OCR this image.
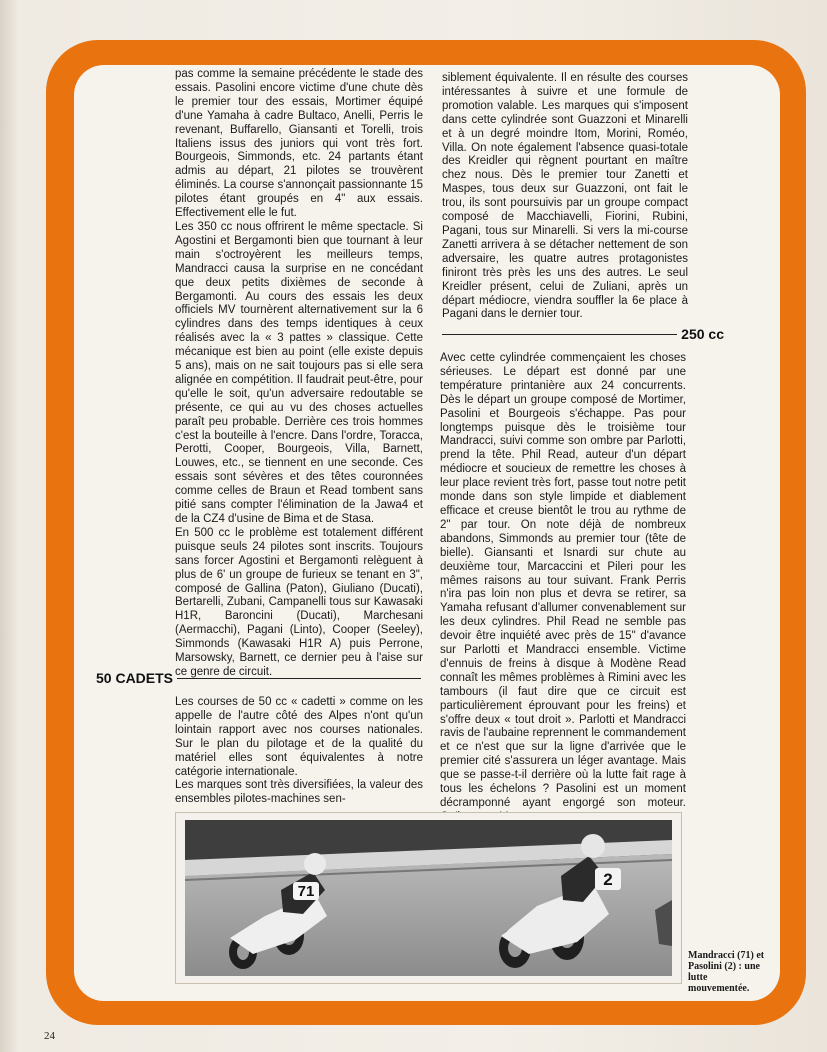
pas comme la semaine précédente le stade des essais. Pasolini encore victime d'une chute dès le premier tour des essais, Mortimer équipé d'une Yamaha à cadre Bultaco, Anelli, Perris le revenant, Buffarello, Giansanti et Torelli, trois Italiens issus des juniors qui vont très fort. Bourgeois, Simmonds, etc. 24 partants étant admis au départ, 21 pilotes se trouvèrent éliminés. La course s'annonçait passionnante 15 pilotes étant groupés en 4" aux essais. Effectivement elle le fut.

Les 350 cc nous offrirent le même spectacle. Si Agostini et Bergamonti bien que tournant à leur main s'octroyèrent les meilleurs temps, Mandracci causa la surprise en ne concédant que deux petits dixièmes de seconde à Bergamonti. Au cours des essais les deux officiels MV tournèrent alternativement sur la 6 cylindres dans des temps identiques à ceux réalisés avec la « 3 pattes » classique. Cette mécanique est bien au point (elle existe depuis 5 ans), mais on ne sait toujours pas si elle sera alignée en compétition. Il faudrait peut-être, pour qu'elle le soit, qu'un adversaire redoutable se présente, ce qui au vu des choses actuelles paraît peu probable. Derrière ces trois hommes c'est la bouteille à l'encre. Dans l'ordre, Toracca, Perotti, Cooper, Bourgeois, Villa, Barnett, Louwes, etc., se tiennent en une seconde. Ces essais sont sévères et des têtes couronnées comme celles de Braun et Read tombent sans pitié sans compter l'élimination de la Jawa4 et de la CZ4 d'usine de Bima et de Stasa.

En 500 cc le problème est totalement différent puisque seuls 24 pilotes sont inscrits. Toujours sans forcer Agostini et Bergamonti relèguent à plus de 6' un groupe de furieux se tenant en 3", composé de Gallina (Paton), Giuliano (Ducati), Bertarelli, Zubani, Campanelli tous sur Kawasaki H1R, Baroncini (Ducati), Marchesani (Aermacchi), Pagani (Linto), Cooper (Seeley), Simmonds (Kawasaki H1R A) puis Perrone, Marsowsky, Barnett, ce dernier peu à l'aise sur ce genre de circuit.

50 CADETS

Les courses de 50 cc « cadetti » comme on les appelle de l'autre côté des Alpes n'ont qu'un lointain rapport avec nos courses nationales. Sur le plan du pilotage et de la qualité du matériel elles sont équivalentes à notre catégorie internationale.

Les marques sont très diversifiées, la valeur des ensembles pilotes-machines sen-

siblement équivalente. Il en résulte des courses intéressantes à suivre et une formule de promotion valable. Les marques qui s'imposent dans cette cylindrée sont Guazzoni et Minarelli et à un degré moindre Itom, Morini, Roméo, Villa. On note également l'absence quasi-totale des Kreidler qui règnent pourtant en maître chez nous. Dès le premier tour Zanetti et Maspes, tous deux sur Guazzoni, ont fait le trou, ils sont poursuivis par un groupe compact composé de Macchiavelli, Fiorini, Rubini, Pagani, tous sur Minarelli. Si vers la mi-course Zanetti arrivera à se détacher nettement de son adversaire, les quatre autres protagonistes finiront très près les uns des autres. Le seul Kreidler présent, celui de Zuliani, après un départ médiocre, viendra souffler la 6e place à Pagani dans le dernier tour.

250 cc

Avec cette cylindrée commençaient les choses sérieuses. Le départ est donné par une température printanière aux 24 concurrents. Dès le départ un groupe composé de Mortimer, Pasolini et Bourgeois s'échappe. Pas pour longtemps puisque dès le troisième tour Mandracci, suivi comme son ombre par Parlotti, prend la tête. Phil Read, auteur d'un départ médiocre et soucieux de remettre les choses à leur place revient très fort, passe tout notre petit monde dans son style limpide et diablement efficace et creuse bientôt le trou au rythme de 2" par tour. On note déjà de nombreux abandons, Simmonds au premier tour (tête de bielle). Giansanti et Isnardi sur chute au deuxième tour, Marcaccini et Pileri pour les mêmes raisons au tour suivant. Frank Perris n'ira pas loin non plus et devra se retirer, sa Yamaha refusant d'allumer convenablement sur les deux cylindres. Phil Read ne semble pas devoir être inquiété avec près de 15" d'avance sur Parlotti et Mandracci ensemble. Victime d'ennuis de freins à disque à Modène Read connaît les mêmes problèmes à Rimini avec les tambours (il faut dire que ce circuit est particulièrement éprouvant pour les freins) et s'offre deux « tout droit ». Parlotti et Mandracci ravis de l'aubaine reprennent le commandement et ce n'est que sur la ligne d'arrivée que le premier cité s'assurera un léger avantage. Mais que se passe-t-il derrière où la lutte fait rage à tous les échelons ? Pasolini est un moment décramponné ayant engorgé son moteur.

71
2
Mandracci (71) et Pasolini (2) : une lutte mouvementée.
24
